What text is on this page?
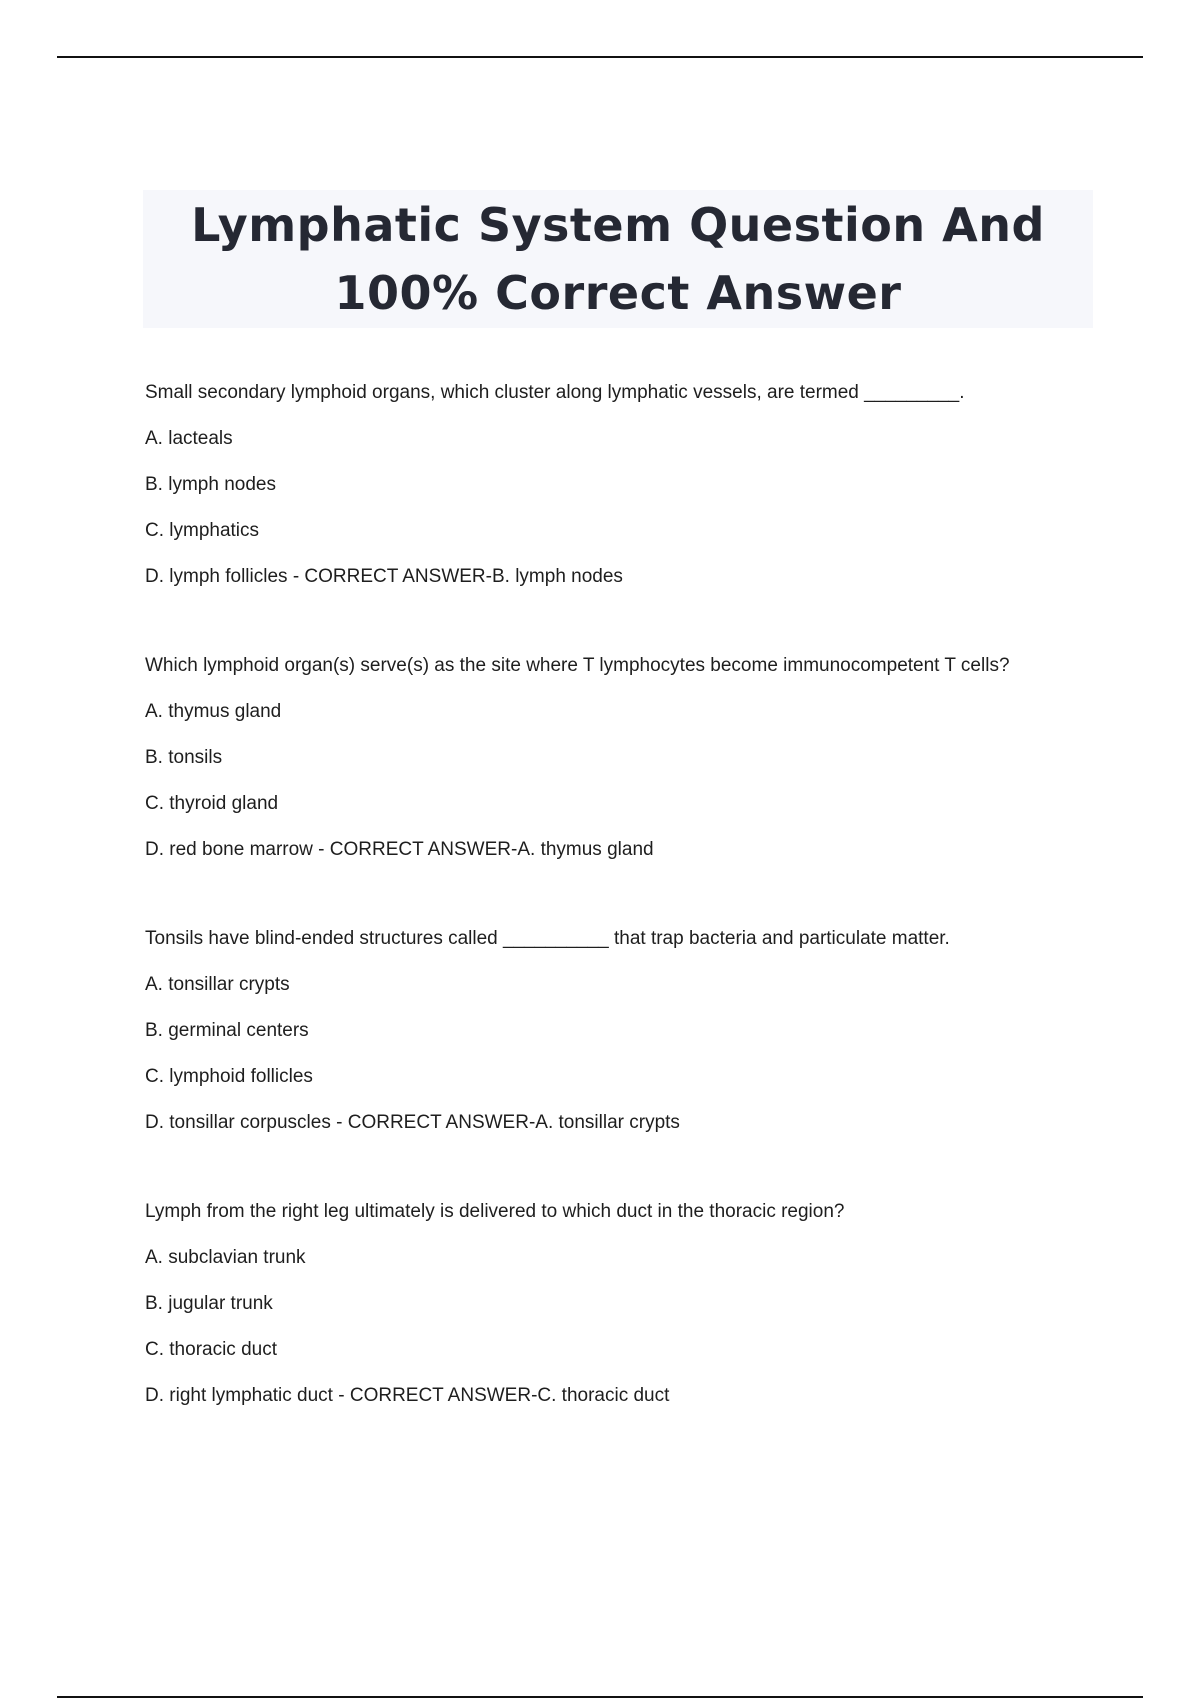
Lymphatic System Question And
100% Correct Answer
Small secondary lymphoid organs, which cluster along lymphatic vessels, are termed _________.
A. lacteals
B. lymph nodes
C. lymphatics
D. lymph follicles - CORRECT ANSWER-B. lymph nodes
Which lymphoid organ(s) serve(s) as the site where T lymphocytes become immunocompetent T cells?
A. thymus gland
B. tonsils
C. thyroid gland
D. red bone marrow - CORRECT ANSWER-A. thymus gland
Tonsils have blind-ended structures called __________ that trap bacteria and particulate matter.
A. tonsillar crypts
B. germinal centers
C. lymphoid follicles
D. tonsillar corpuscles - CORRECT ANSWER-A. tonsillar crypts
Lymph from the right leg ultimately is delivered to which duct in the thoracic region?
A. subclavian trunk
B. jugular trunk
C. thoracic duct
D. right lymphatic duct - CORRECT ANSWER-C. thoracic duct
